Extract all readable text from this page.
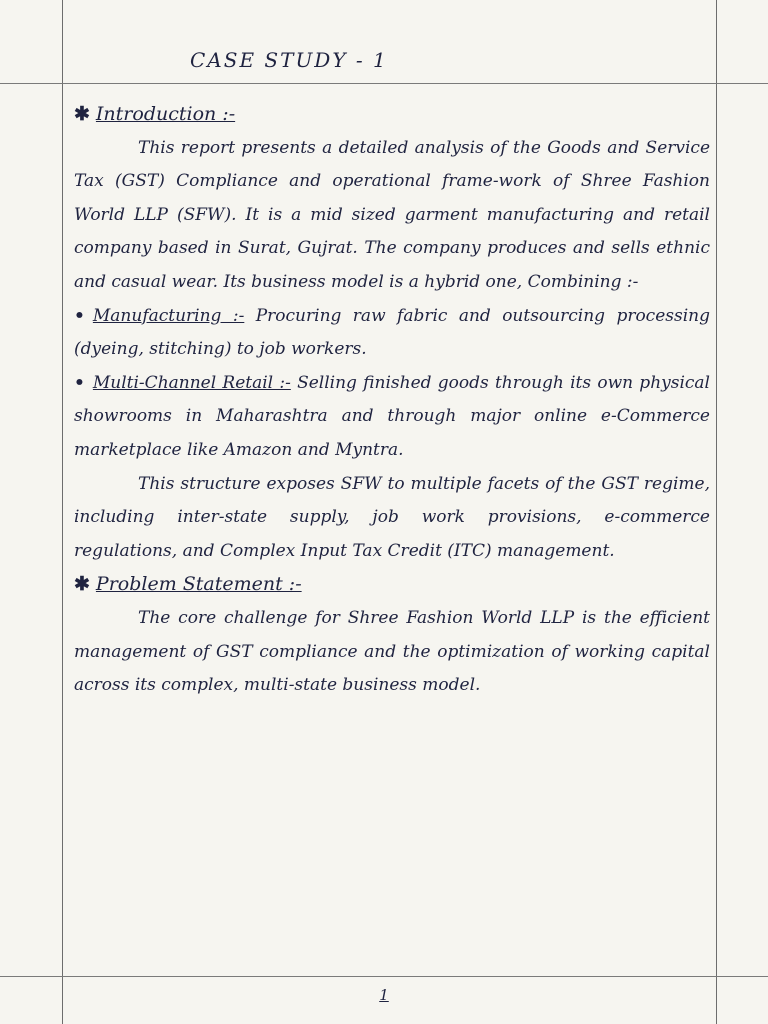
CASE STUDY - 1

✱ Introduction :-

This report presents a detailed analysis of the Goods and Service Tax (GST) Compliance and operational frame-work of Shree Fashion World LLP (SFW). It is a mid sized garment manufacturing and retail company based in Surat, Gujrat. The company produces and sells ethnic and casual wear. Its business model is a hybrid one, Combining :-

• Manufacturing :- Procuring raw fabric and outsourcing processing (dyeing, stitching) to job workers.

• Multi-Channel Retail :- Selling finished goods through its own physical showrooms in Maharashtra and through major online e-Commerce marketplace like Amazon and Myntra.

This structure exposes SFW to multiple facets of the GST regime, including inter-state supply, job work provisions, e-commerce regulations, and Complex Input Tax Credit (ITC) management.

✱ Problem Statement :-

The core challenge for Shree Fashion World LLP is the efficient management of GST compliance and the optimization of working capital across its complex, multi-state business model.

1
